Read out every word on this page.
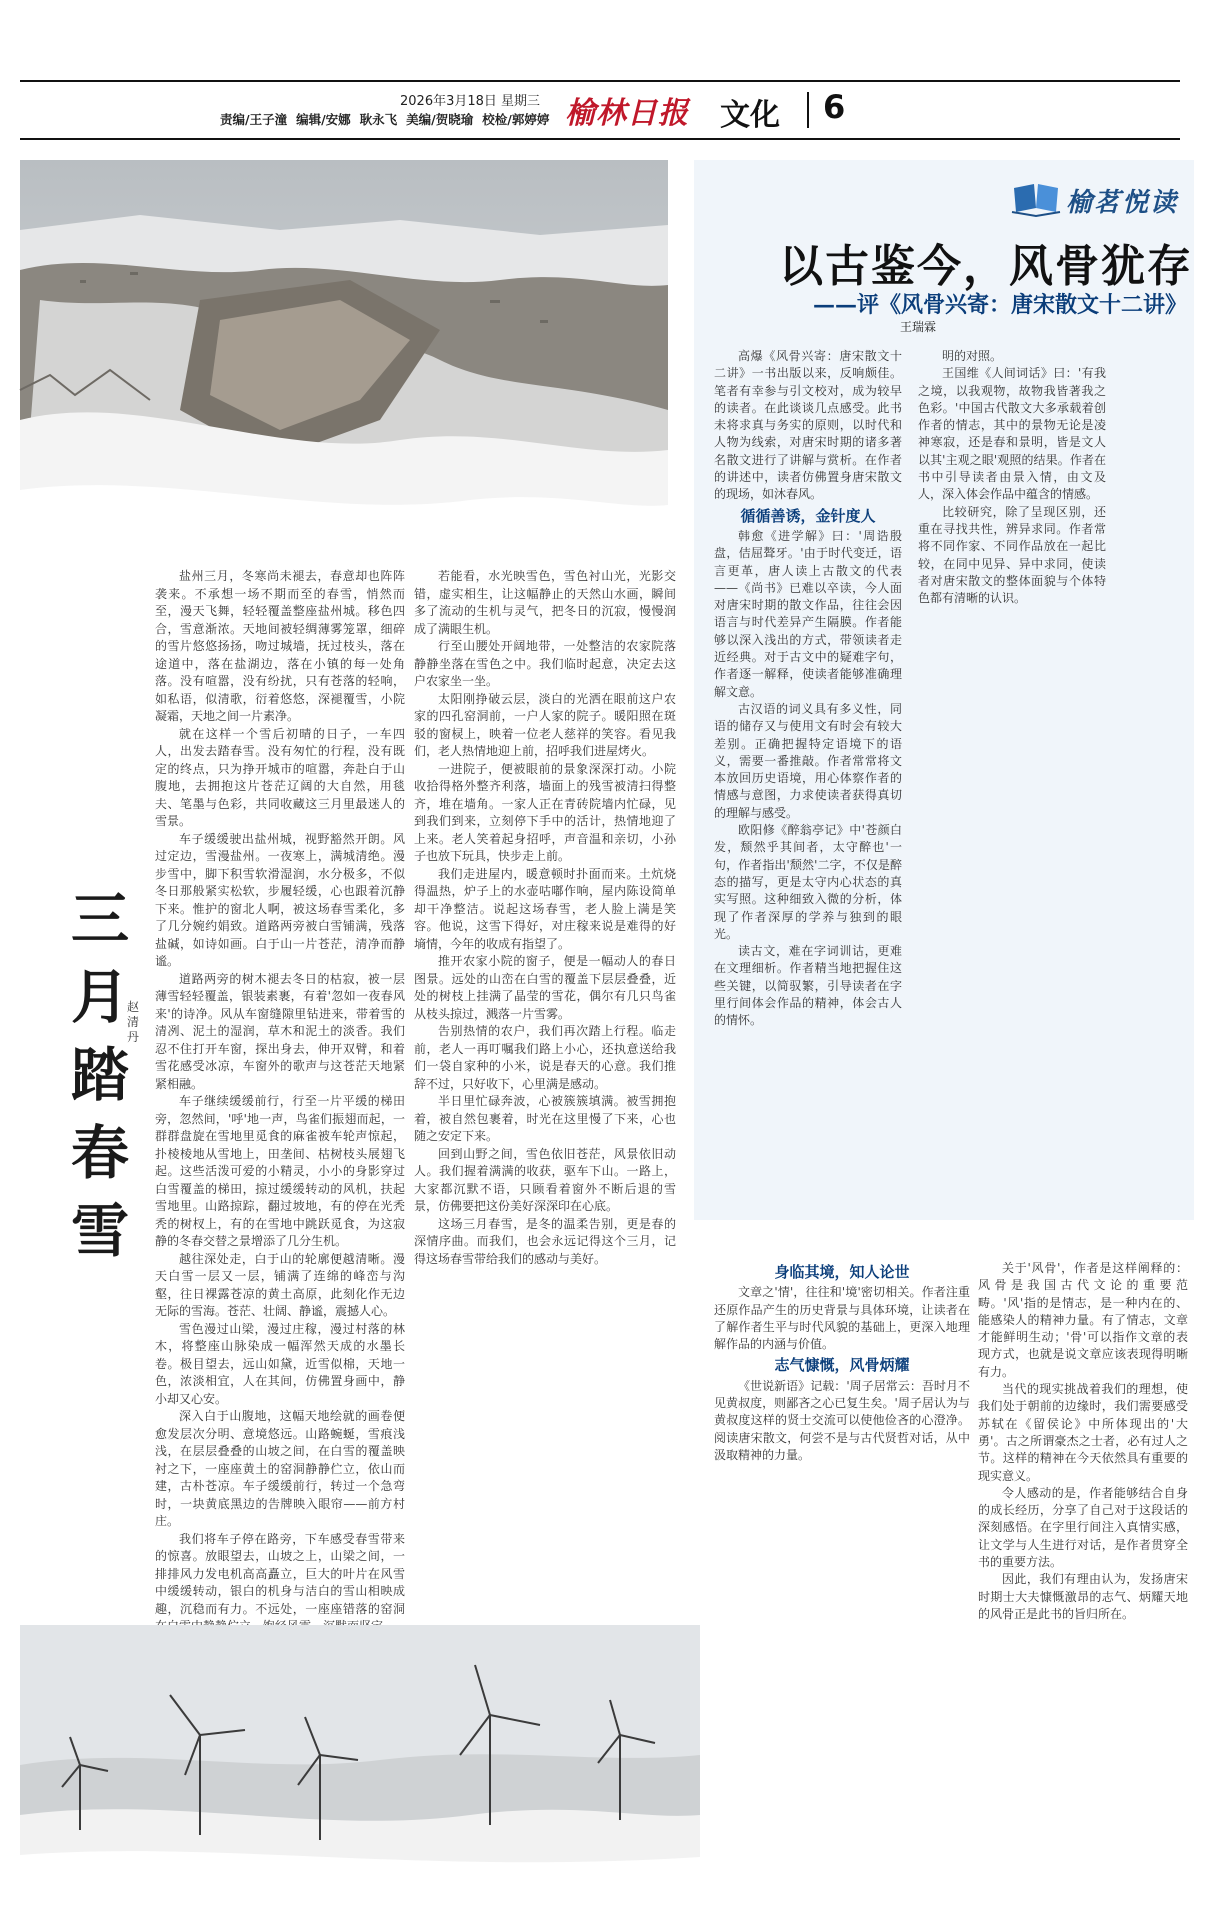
2026年3月18日 星期三
责编/王子潼 编辑/安娜 耿永飞 美编/贺晓瑜 校检/郭婷婷 榆林日报 文化 6
三月踏春雪
赵清丹

盐州三月，冬寒尚未褪去，春意却也阵阵袭来。不承想一场不期而至的春雪，悄然而至，漫天飞舞，轻轻覆盖整座盐州城。移色四合，雪意渐浓。天地间被轻绸薄雾笼罩，细碎的雪片悠悠扬扬，吻过城墙，抚过枝头，落在途道中，落在盐湖边，落在小镇的每一处角落。没有喧嚣，没有纷扰，只有苍落的轻响，如私语，似清歌，衍着悠悠，深褪覆雪，小院凝霜，天地之间一片素净。

就在这样一个雪后初晴的日子，一车四人，出发去踏春雪。没有匆忙的行程，没有既定的终点，只为挣开城市的喧嚣，奔赴白于山腹地，去拥抱这片苍茫辽阔的大自然，用毯夫、笔墨与色彩，共同收藏这三月里最迷人的雪景。

车子缓缓驶出盐州城，视野豁然开朗。风过定边，雪漫盐州。一夜寒上，满城清绝。漫步雪中，脚下积雪软滑湿润，水分极多，不似冬日那般紧实松软，步履轻缓，心也跟着沉静下来。惟护的窗北人啊，被这场春雪柔化，多了几分婉约娟致。道路两旁被白雪铺满，残落盐碱，如诗如画。白于山一片苍茫，清净而静谧。

道路两旁的树木褪去冬日的枯寂，被一层薄雪轻轻覆盖，银装素裹，有着'忽如一夜春风来'的诗净。风从车窗缝隙里钻进来，带着雪的清冽、泥土的湿润，草木和泥土的淡香。我们忍不住打开车窗，探出身去，伸开双臂，和着雪花感受冰凉，车窗外的歌声与这苍茫天地紧紧相融。

车子继续缓缓前行，行至一片平缓的梯田旁，忽然间，'呼'地一声，鸟雀们振翅而起，一群群盘旋在雪地里觅食的麻雀被车轮声惊起，扑棱棱地从雪地上，田垄间、枯树枝头展翅飞起。这些活泼可爱的小精灵，小小的身影穿过白雪覆盖的梯田，掠过缓缓转动的风机，扶起雪地里。山路掠踪，翻过坡地，有的停在光秃秃的树杈上，有的在雪地中跳跃觅食，为这寂静的冬春交替之景增添了几分生机。

越往深处走，白于山的轮廓便越清晰。漫天白雪一层又一层，铺满了连绵的峰峦与沟壑，往日裸露苍凉的黄土高原，此刻化作无边无际的雪海。苍茫、壮阔、静谧，震撼人心。

雪色漫过山梁，漫过庄稼，漫过村落的林木，将整座山脉染成一幅浑然天成的水墨长卷。极目望去，远山如黛，近雪似棉，天地一色，浓淡相宜，人在其间，仿佛置身画中，静小却又心安。

深入白于山腹地，这幅天地绘就的画卷便愈发层次分明、意境悠远。山路蜿蜒，雪痕浅浅，在层层叠叠的山坡之间，在白雪的覆盖映衬之下，一座座黄土的窑洞静静伫立，依山而建，古朴苍凉。车子缓缓前行，转过一个急弯时，一块黄底黑边的告牌映入眼帘——前方村庄。

我们将车子停在路旁，下车感受春雪带来的惊喜。放眼望去，山坡之上，山梁之间，一排排风力发电机高高矗立，巨大的叶片在风雪中缓缓转动，银白的机身与洁白的雪山相映成趣，沉稳而有力。不远处，一座座错落的窑洞

若能看，水光映雪色，雪色衬山光，光影交错，虚实相生，让这幅静止的天然山水画，瞬间多了流动的生机与灵气，把冬日的沉寂，慢慢润成了满眼生机。

行至山腰处开阔地带，一处整洁的农家院落静静坐落在雪色之中。我们临时起意，决定去这户农家坐一坐。

太阳刚挣破云层，淡白的光洒在眼前这户农家的四孔窑洞前，一户人家的院子。暖阳照在斑驳的窗棂上，映着一位老人慈祥的笑容。看见我们，老人热情地迎上前，招呼我们进屋烤火。

一进院子，便被眼前的景象深深打动。小院收拾得格外整齐利落，墙面上的残雪被清扫得整齐，堆在墙角。一家人正在青砖院墙内忙碌，见到我们到来，立刻停下手中的活计，热情地迎了上来。老人笑着起身招呼，声音温和亲切，小孙子也放下玩具，快步走上前。

我们走进屋内，暖意顿时扑面而来。土炕烧得温热，炉子上的水壶咕嘟作响，屋内陈设简单却干净整洁。说起这场春雪，老人脸上满是笑容。他说，这雪下得好，对庄稼来说是难得的好墒情，今年的收成有指望了。

推开农家小院的窗子，便是一幅动人的春日图景。远处的山峦在白雪的覆盖下层层叠叠，近处的树枝上挂满了晶莹的雪花，偶尔有几只鸟雀从枝头掠过，溅落一片雪雾。

告别热情的农户，我们再次踏上行程。临走前，老人一再叮嘱我们路上小心，还执意送给我们一袋自家种的小米，说是春天的心意。我们推辞不过，只好收下，心里满是感动。

半日里忙碌奔波，心被簇簇填满。被雪拥抱着，被自然包裹着，时光在这里慢了下来，心也随之安定下来。

回到山野之间，雪色依旧苍茫，风景依旧动人。我们握着满满的收获，驱车下山。一路上，大家都沉默不语，只顾看着窗外不断后退的雪景，仿佛要把这份美好深深印在心底。

这场三月春雪，是冬的温柔告别，更是春的深情序曲。而我们，也会永远记得这个三月，记得这场春雪带给我们的感动与美好。

榆茗悦读
以古鉴今，风骨犹存
——评《风骨兴寄：唐宋散文十二讲》
王瑞霖

高爆《风骨兴寄：唐宋散文十二讲》一书出版以来，反响颇佳。笔者有幸参与引文校对，成为较早的读者。在此谈谈几点感受。此书未将求真与务实的原则，以时代和人物为线索，对唐宋时期的诸多著名散文进行了讲解与赏析。在作者的讲述中，读者仿佛置身唐宋散文的现场，如沐春风。

循循善诱，金针度人

韩愈《进学解》曰：'周诰殷盘，佶屈聱牙。'由于时代变迁，语言更革，唐人读上古散文的代表——《尚书》已难以卒读，今人面对唐宋时期的散文作品，往往会因语言与时代差异产生隔膜。作者能够以深入浅出的方式，带领读者走近经典。对于古文中的疑难字句，作者逐一解释，使读者能够准确理解文意。

古汉语的词义具有多义性，同语的储存又与使用文有时会有较大差别。正确把握特定语境下的语义，需要一番推敲。作者常常将文本放回历史语境，用心体察作者的情感与意图，力求使读者获得真切的理解与感受。

欧阳修《醉翁亭记》中'苍颜白发，颓然乎其间者，太守醉也'一句，作者指出'颓然'二字，不仅是醉态的描写，更是太守内心状态的真实写照。这种细致入微的分析，体现了作者深厚的学养与独到的眼光。

读古文，难在字词训诂，更难在文理细析。作者精当地把握住这些关键，以简驭繁，引导读者在字里行间体会作品的精神，体会古人的情怀。

明的对照。

王国维《人间词话》曰：'有我之境，以我观物，故物我皆著我之色彩。'中国古代散文大多承载着创作者的情志，其中的景物无论是凌神寒寂，还是春和景明，皆是文人以其'主观之眼'观照的结果。作者在书中引导读者由景入情，由文及人，深入体会作品中蕴含的情感。

比较研究，除了呈现区别，还重在寻找共性，辨异求同。作者常将不同作家、不同作品放在一起比较，在同中见异、异中求同，使读者对唐宋散文的整体面貌与个体特色都有清晰的认识。

身临其境，知人论世

文章之'情'，往往和'境'密切相关。作者注重还原作品产生的历史背景与具体环境，让读者在了解作者生平与时代风貌的基础上，更深入地理解作品的内涵与价值。

志气慷慨，风骨炳耀

《世说新语》记载：'周子居常云：吾时月不见黄叔度，则鄙吝之心已复生矣。'周子居认为与黄叔度这样的贤士交流可以使他俭吝的心澄净。阅读唐宋散文，何尝不是与古代贤哲对话，从中汲取精神的力量。

关于'风骨'，作者是这样阐释的：风骨是我国古代文论的重要范畴。'风'指的是情志，是一种内在的、能感染人的精神力量。有了情志，文章才能鲜明生动；'骨'可以指作文章的表现方式，也就是说文章应该表现得明晰有力。

当代的现实挑战着我们的理想，使我们处于朝前的边缘时，我们需要感受苏轼在《留侯论》中所体现出的'大勇'。古之所谓豪杰之士者，必有过人之节。这样的精神在今天依然具有重要的现实意义。

令人感动的是，作者能够结合自身的成长经历，分享了自己对于这段话的深刻感悟。在字里行间注入真情实感，让文学与人生进行对话，是作者贯穿全书的重要方法。

因此，我们有理由认为，发扬唐宋时期士大夫慷慨激昂的志气、炳耀天地的风骨正是此书的旨归所在。
